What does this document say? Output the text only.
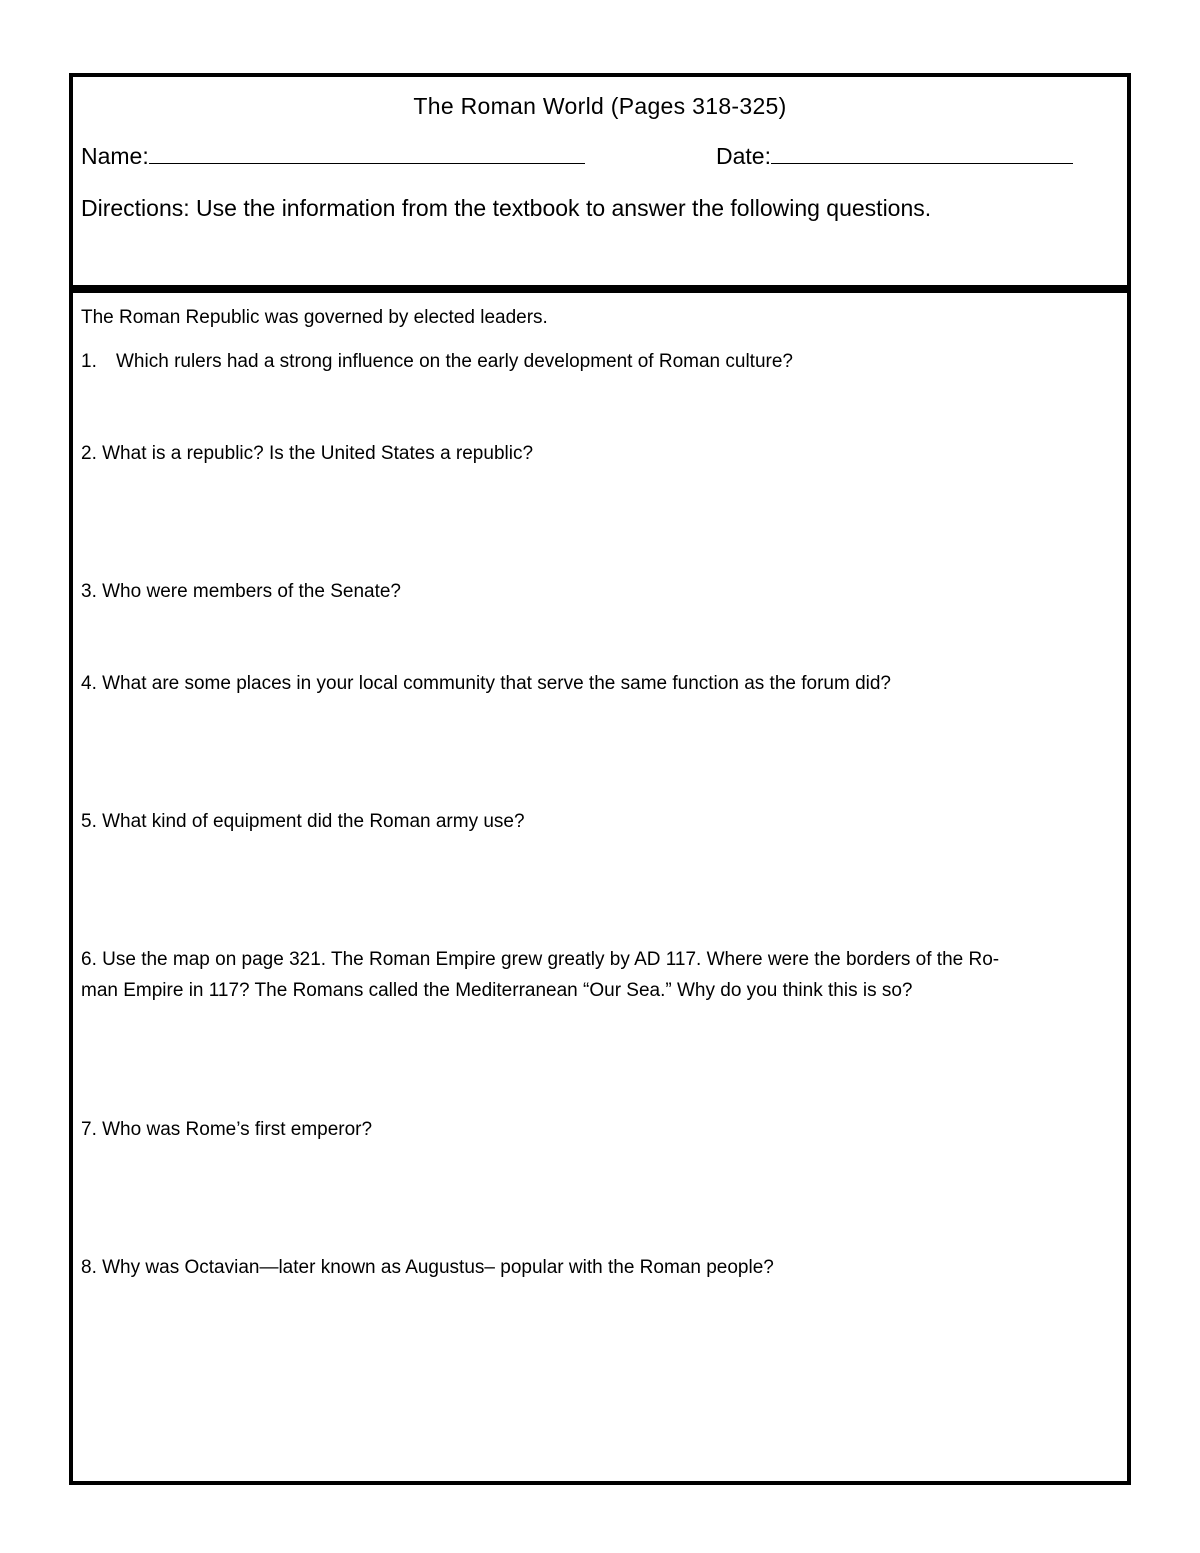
The Roman World (Pages 318-325)
Name:	Date:
Directions: Use the information from the textbook to answer the following questions.
The Roman Republic was governed by elected leaders.
1. Which rulers had a strong influence on the early development of Roman culture?
2. What is a republic? Is the United States a republic?
3. Who were members of the Senate?
4. What are some places in your local community that serve the same function as the forum did?
5. What kind of equipment did the Roman army use?
6. Use the map on page 321. The Roman Empire grew greatly by AD 117. Where were the borders of the Ro-
man Empire in 117? The Romans called the Mediterranean “Our Sea.” Why do you think this is so?
7. Who was Rome’s first emperor?
8. Why was Octavian—later known as Augustus– popular with the Roman people?
